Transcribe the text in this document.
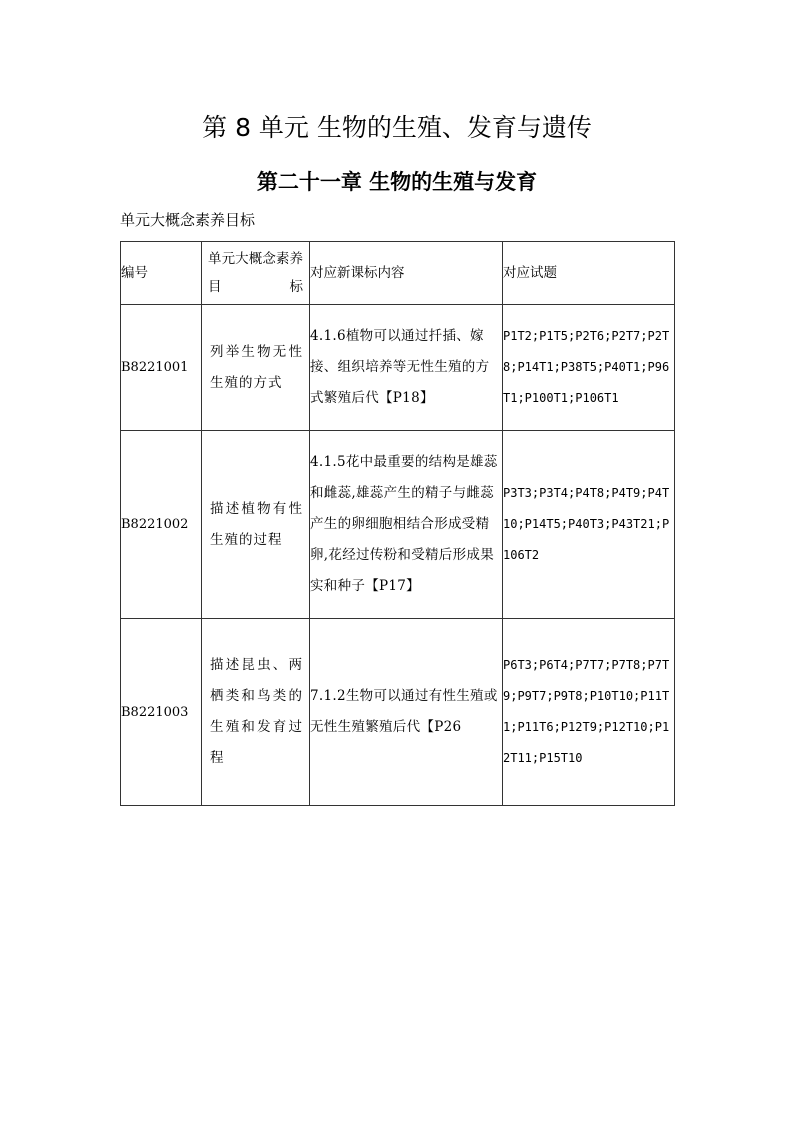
第 8 单元 生物的生殖、发育与遗传
第二十一章 生物的生殖与发育
单元大概念素养目标
编号	单元大概念素养目标	对应新课标内容	对应试题

B8221001	列举生物无性生殖的方式	4.1.6植物可以通过扦插、嫁接、组织培养等无性生殖的方式繁殖后代【P18】	P1T2;P1T5;P2T6;P2T7;P2T8;P14T1;P38T5;P40T1;P96T1;P100T1;P106T1

B8221002	描述植物有性生殖的过程	4.1.5花中最重要的结构是雄蕊和雌蕊,雄蕊产生的精子与雌蕊产生的卵细胞相结合形成受精卵,花经过传粉和受精后形成果实和种子【P17】	P3T3;P3T4;P4T8;P4T9;P4T10;P14T5;P40T3;P43T21;P106T2

B8221003	描述昆虫、两栖类和鸟类的生殖和发育过程	7.1.2生物可以通过有性生殖或无性生殖繁殖后代【P26	P6T3;P6T4;P7T7;P7T8;P7T9;P9T7;P9T8;P10T10;P11T1;P11T6;P12T9;P12T10;P12T11;P15T10
